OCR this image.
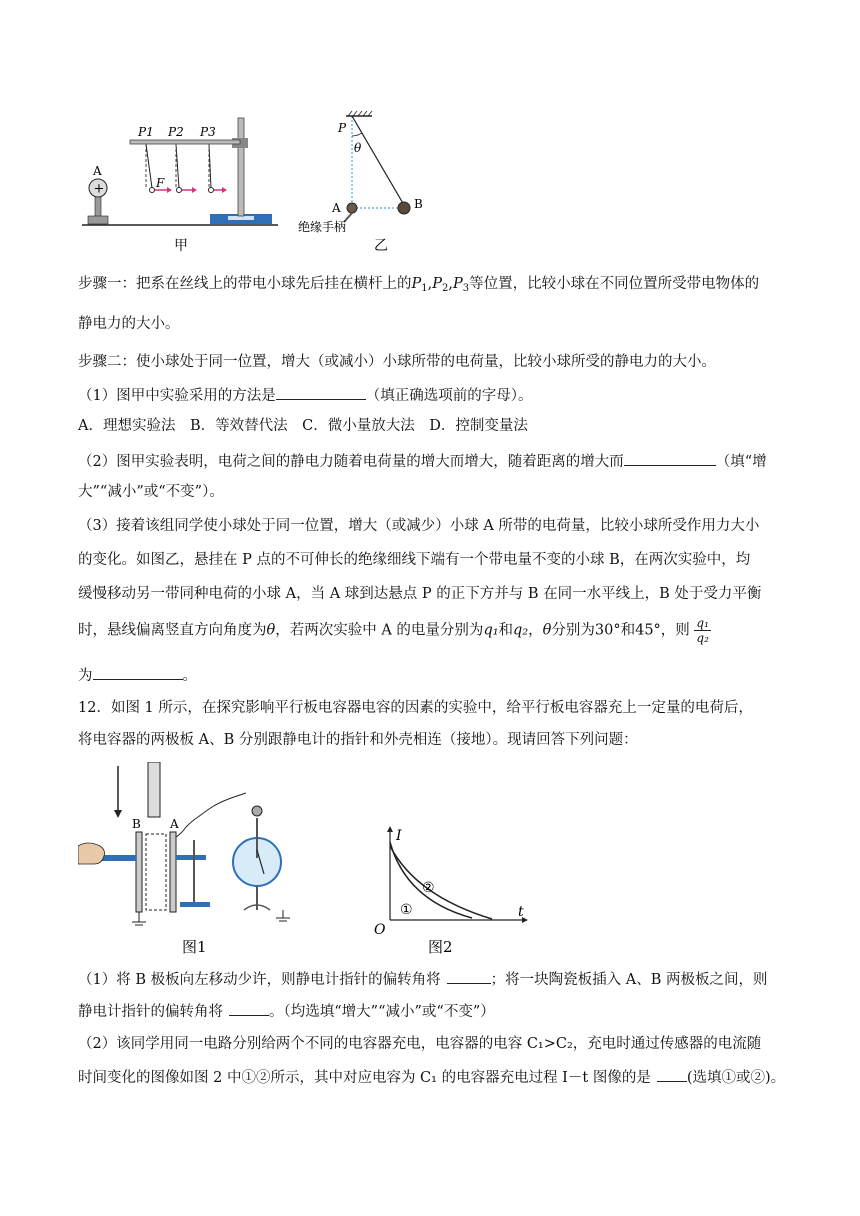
+
A
F
P1 P2 P3
甲
P
θ
A	B
绝缘手柄
乙
步骤一：把系在丝线上的带电小球先后挂在横杆上的$P_1,P_2,P_3$等位置，比较小球在不同位置所受带电物体的
静电力的大小。
步骤二：使小球处于同一位置，增大（或减小）小球所带的电荷量，比较小球所受的静电力的大小。
（1）图甲中实验采用的方法是	（填正确选项前的字母）。
A．理想实验法　B．等效替代法　C．微小量放大法　D．控制变量法
（2）图甲实验表明，电荷之间的静电力随着电荷量的增大而增大，随着距离的增大而	（填“增
大”“减小”或“不变”）。
（3）接着该组同学使小球处于同一位置，增大（或减少）小球 A 所带的电荷量，比较小球所受作用力大小
的变化。如图乙，悬挂在 P 点的不可伸长的绝缘细线下端有一个带电量不变的小球 B，在两次实验中，均
缓慢移动另一带同种电荷的小球 A，当 A 球到达悬点 P 的正下方并与 B 在同一水平线上，B 处于受力平衡
时，悬线偏离竖直方向角度为θ，若两次实验中 A 的电量分别为q₁和q₂，θ分别为30°和45°，则 $\frac{\text{q₁}}{\text{q₂}}$
为	。
12．如图 1 所示，在探究影响平行板电容器电容的因素的实验中，给平行板电容器充上一定量的电荷后，
将电容器的两极板 A、B 分别跟静电计的指针和外壳相连（接地）。现请回答下列问题：
B A
图1
I
t
O
①
②
图2
（1）将 B 极板向左移动少许，则静电计指针的偏转角将	；将一块陶瓷板插入 A、B 两极板之间，则
静电计指针的偏转角将	。（均选填“增大”“减小”或“不变”）
（2）该同学用同一电路分别给两个不同的电容器充电，电容器的电容 C₁>C₂，充电时通过传感器的电流随
时间变化的图像如图 2 中①②所示，其中对应电容为 C₁ 的电容器充电过程 I－t 图像的是 (选填①或②)。
